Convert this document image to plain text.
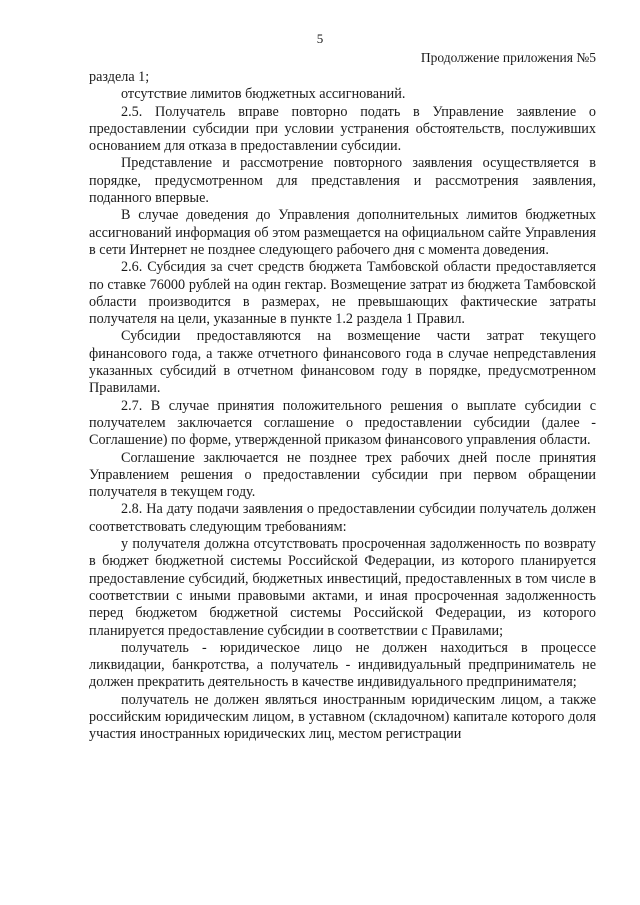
5
Продолжение приложения №5

раздела 1;

отсутствие лимитов бюджетных ассигнований.

2.5. Получатель вправе повторно подать в Управление заявление о предоставлении субсидии при условии устранения обстоятельств, послуживших основанием для отказа в предоставлении субсидии.

Представление и рассмотрение повторного заявления осуществляется в порядке, предусмотренном для представления и рассмотрения заявления, поданного впервые.

В случае доведения до Управления дополнительных лимитов бюджетных ассигнований информация об этом размещается на официальном сайте Управления в сети Интернет не позднее следующего рабочего дня с момента доведения.

2.6. Субсидия за счет средств бюджета Тамбовской области предоставляется по ставке 76000 рублей на один гектар. Возмещение затрат из бюджета Тамбовской области производится в размерах, не превышающих фактические затраты получателя на цели, указанные в пункте 1.2 раздела 1 Правил.

Субсидии предоставляются на возмещение части затрат текущего финансового года, а также отчетного финансового года в случае непредставления указанных субсидий в отчетном финансовом году в порядке, предусмотренном Правилами.

2.7. В случае принятия положительного решения о выплате субсидии с получателем заключается соглашение о предоставлении субсидии (далее - Соглашение) по форме, утвержденной приказом финансового управления области.

Соглашение заключается не позднее трех рабочих дней после принятия Управлением решения о предоставлении субсидии при первом обращении получателя в текущем году.

2.8. На дату подачи заявления о предоставлении субсидии получатель должен соответствовать следующим требованиям:

у получателя должна отсутствовать просроченная задолженность по возврату в бюджет бюджетной системы Российской Федерации, из которого планируется предоставление субсидий, бюджетных инвестиций, предоставленных в том числе в соответствии с иными правовыми актами, и иная просроченная задолженность перед бюджетом бюджетной системы Российской Федерации, из которого планируется предоставление субсидии в соответствии с Правилами;

получатель - юридическое лицо не должен находиться в процессе ликвидации, банкротства, а получатель - индивидуальный предприниматель не должен прекратить деятельность в качестве индивидуального предпринимателя;

получатель не должен являться иностранным юридическим лицом, а также российским юридическим лицом, в уставном (складочном) капитале которого доля участия иностранных юридических лиц, местом регистрации
